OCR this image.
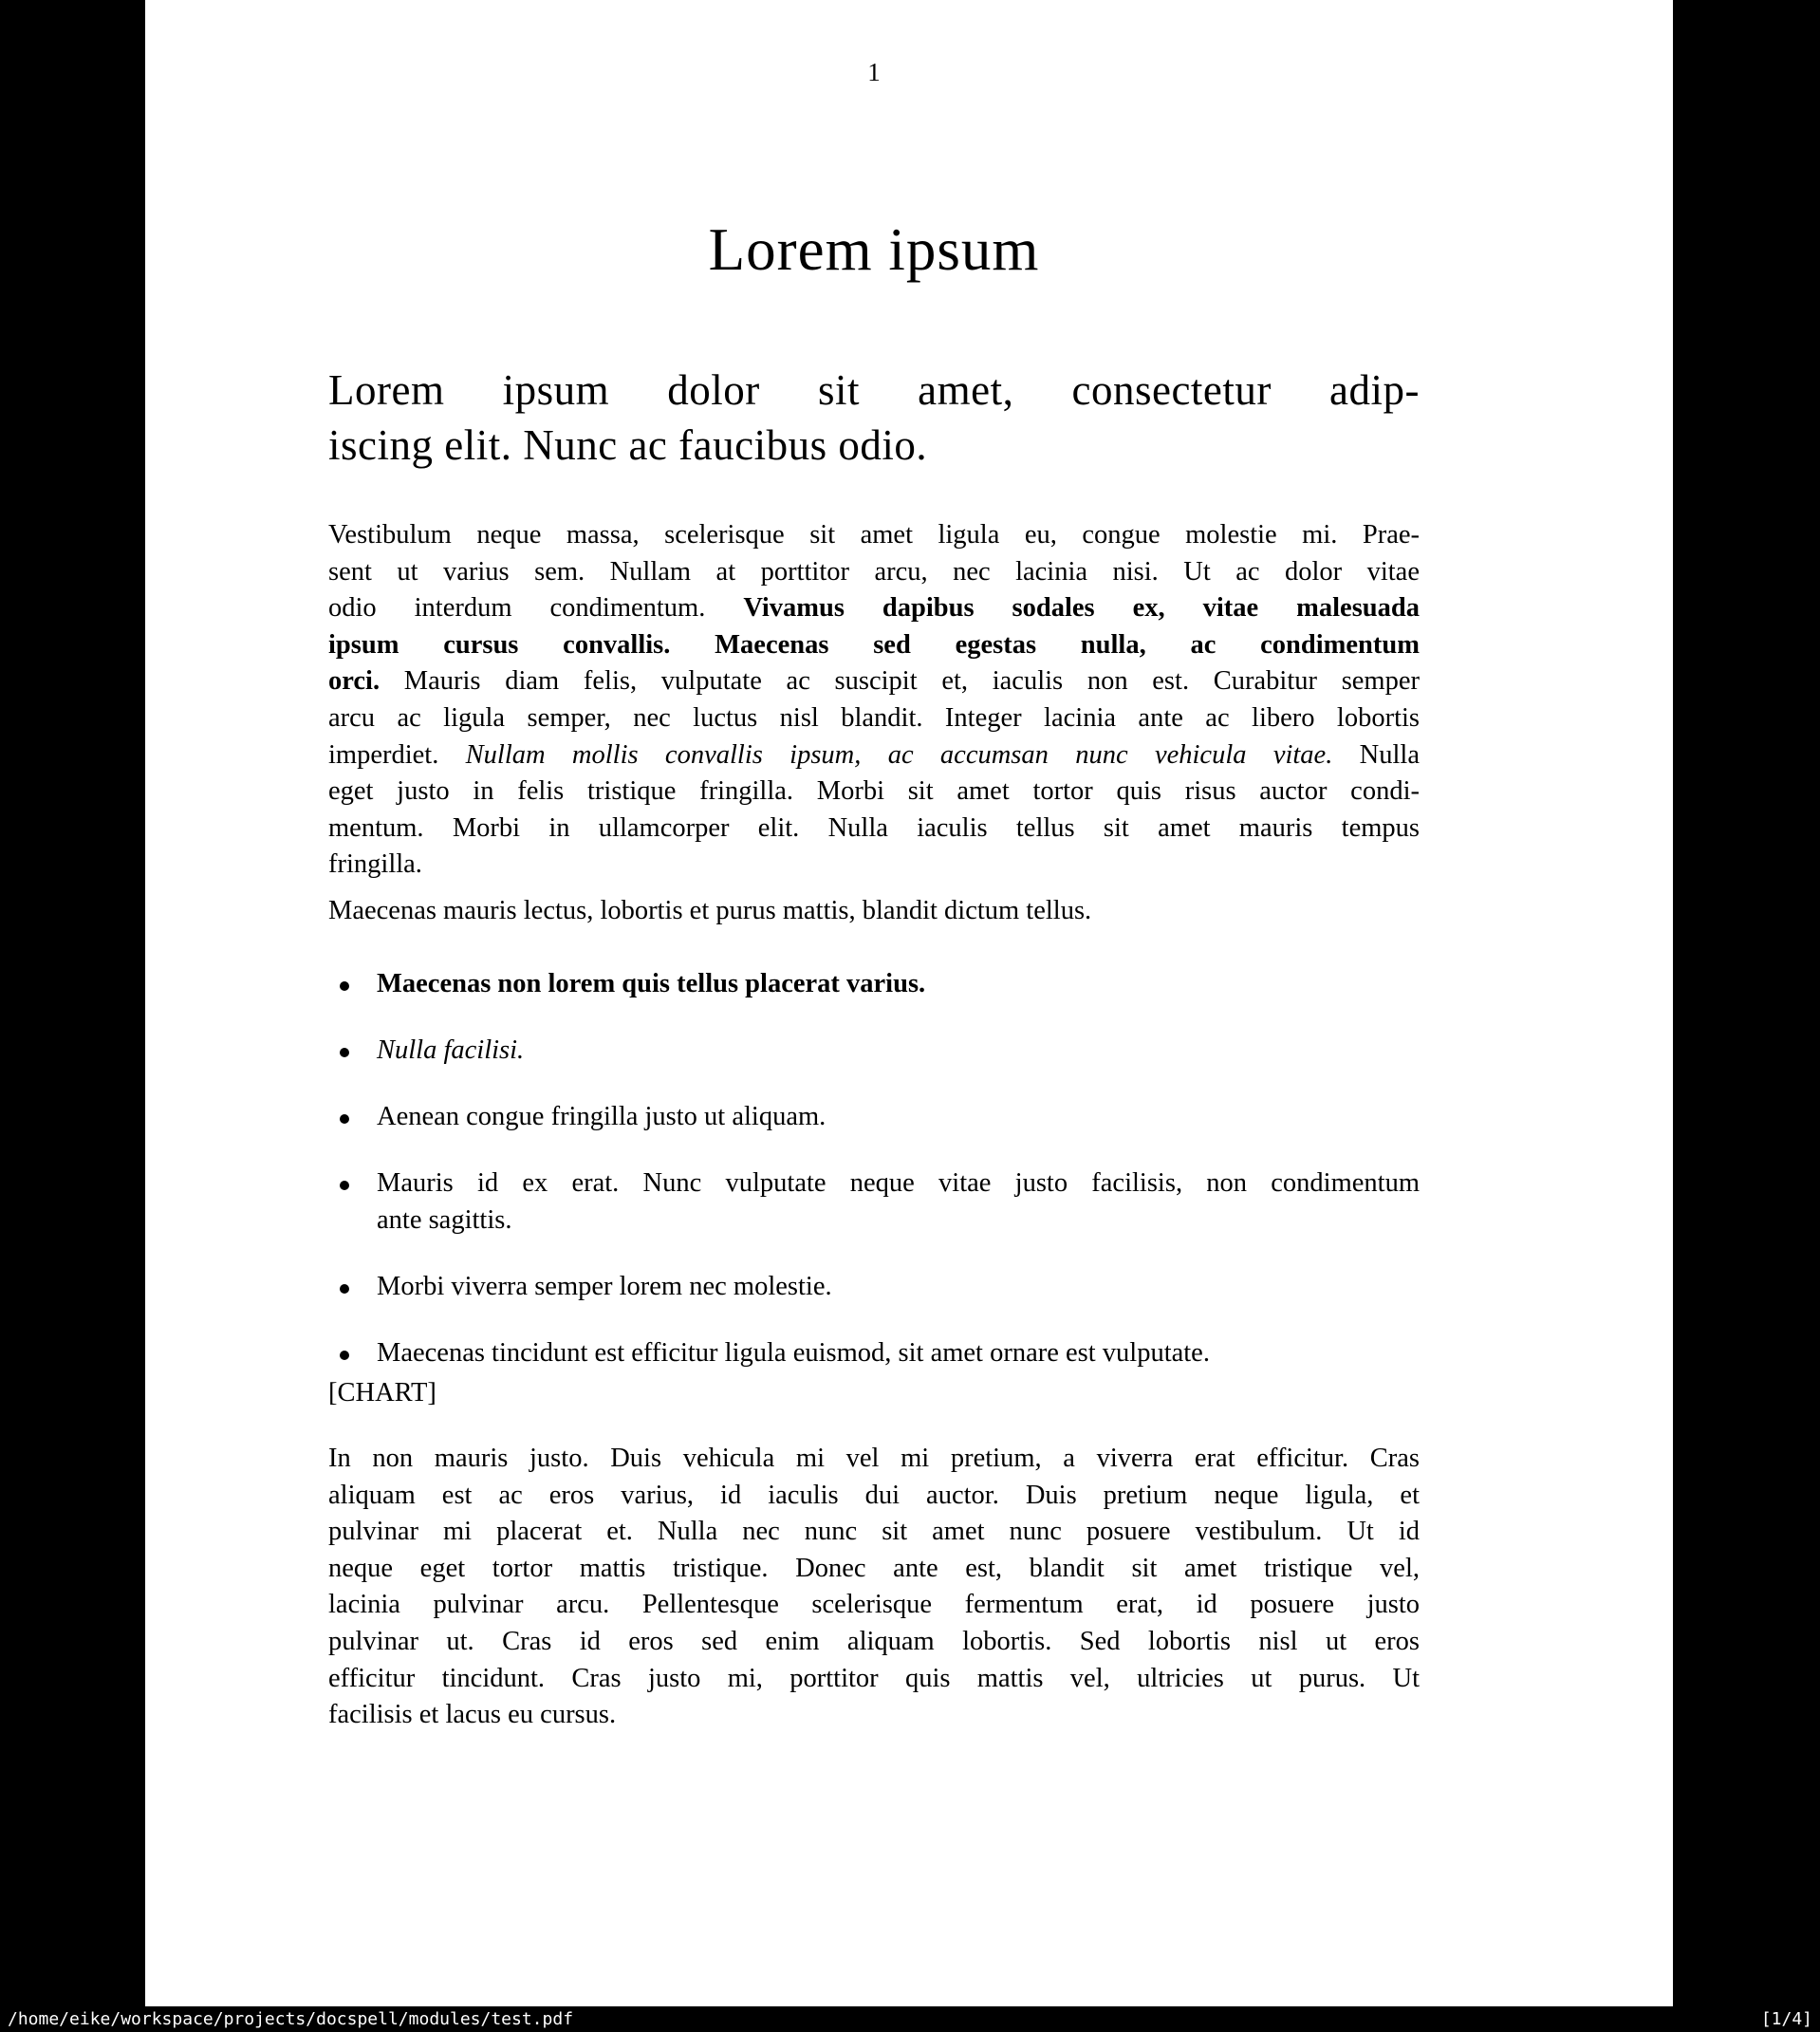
1
Lorem ipsum
Lorem ipsum dolor sit amet, consectetur adip-
iscing elit. Nunc ac faucibus odio.
Vestibulum neque massa, scelerisque sit amet ligula eu, congue molestie mi. Prae-
sent ut varius sem. Nullam at porttitor arcu, nec lacinia nisi. Ut ac dolor vitae
odio interdum condimentum. Vivamus dapibus sodales ex, vitae malesuada
ipsum cursus convallis. Maecenas sed egestas nulla, ac condimentum
orci. Mauris diam felis, vulputate ac suscipit et, iaculis non est. Curabitur semper
arcu ac ligula semper, nec luctus nisl blandit. Integer lacinia ante ac libero lobortis
imperdiet. Nullam mollis convallis ipsum, ac accumsan nunc vehicula vitae. Nulla
eget justo in felis tristique fringilla. Morbi sit amet tortor quis risus auctor condi-
mentum. Morbi in ullamcorper elit. Nulla iaculis tellus sit amet mauris tempus
fringilla.
Maecenas mauris lectus, lobortis et purus mattis, blandit dictum tellus.
Maecenas non lorem quis tellus placerat varius.
Nulla facilisi.
Aenean congue fringilla justo ut aliquam.
Mauris id ex erat. Nunc vulputate neque vitae justo facilisis, non condimentum
ante sagittis.
Morbi viverra semper lorem nec molestie.
Maecenas tincidunt est efficitur ligula euismod, sit amet ornare est vulputate.
[CHART]
In non mauris justo. Duis vehicula mi vel mi pretium, a viverra erat efficitur. Cras
aliquam est ac eros varius, id iaculis dui auctor. Duis pretium neque ligula, et
pulvinar mi placerat et. Nulla nec nunc sit amet nunc posuere vestibulum. Ut id
neque eget tortor mattis tristique. Donec ante est, blandit sit amet tristique vel,
lacinia pulvinar arcu. Pellentesque scelerisque fermentum erat, id posuere justo
pulvinar ut. Cras id eros sed enim aliquam lobortis. Sed lobortis nisl ut eros
efficitur tincidunt. Cras justo mi, porttitor quis mattis vel, ultricies ut purus. Ut
facilisis et lacus eu cursus.
/home/eike/workspace/projects/docspell/modules/test.pdf	[1/4]
